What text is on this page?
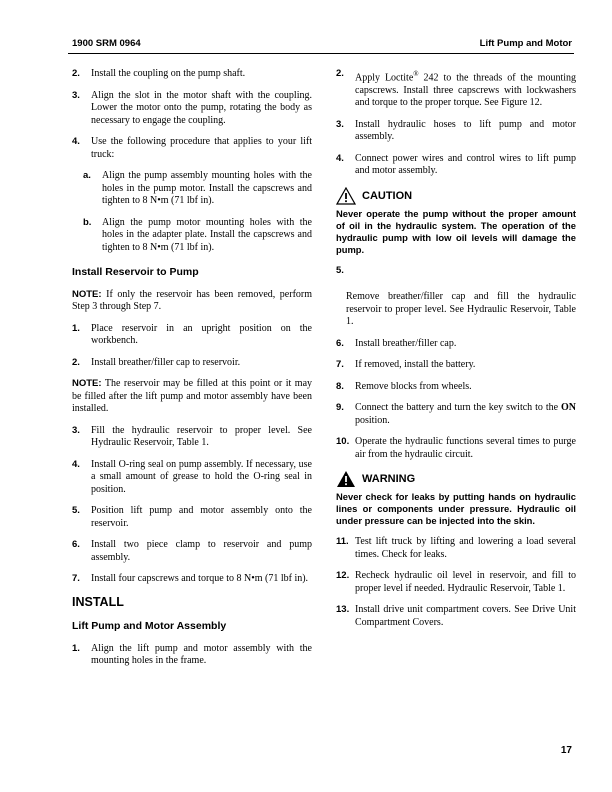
1900 SRM 0964	Lift Pump and Motor
2. Install the coupling on the pump shaft.
3. Align the slot in the motor shaft with the coupling. Lower the motor onto the pump, rotating the body as necessary to engage the coupling.
4. Use the following procedure that applies to your lift truck:
a. Align the pump assembly mounting holes with the holes in the pump motor. Install the capscrews and tighten to 8 N•m (71 lbf in).
b. Align the pump motor mounting holes with the holes in the adapter plate. Install the capscrews and tighten to 8 N•m (71 lbf in).
Install Reservoir to Pump
NOTE: If only the reservoir has been removed, perform Step 3 through Step 7.
1. Place reservoir in an upright position on the workbench.
2. Install breather/filler cap to reservoir.
NOTE: The reservoir may be filled at this point or it may be filled after the lift pump and motor assembly have been installed.
3. Fill the hydraulic reservoir to proper level. See Hydraulic Reservoir, Table 1.
4. Install O-ring seal on pump assembly. If necessary, use a small amount of grease to hold the O-ring seal in position.
5. Position lift pump and motor assembly onto the reservoir.
6. Install two piece clamp to reservoir and pump assembly.
7. Install four capscrews and torque to 8 N•m (71 lbf in).
INSTALL
Lift Pump and Motor Assembly
1. Align the lift pump and motor assembly with the mounting holes in the frame.
2. Apply Loctite® 242 to the threads of the mounting capscrews. Install three capscrews with lockwashers and torque to the proper torque. See Figure 12.
3. Install hydraulic hoses to lift pump and motor assembly.
4. Connect power wires and control wires to lift pump and motor assembly.
CAUTION
Never operate the pump without the proper amount of oil in the hydraulic system. The operation of the hydraulic pump with low oil levels will damage the pump.
5.
Remove breather/filler cap and fill the hydraulic reservoir to proper level. See Hydraulic Reservoir, Table 1.
6. Install breather/filler cap.
7. If removed, install the battery.
8. Remove blocks from wheels.
9. Connect the battery and turn the key switch to the ON position.
10. Operate the hydraulic functions several times to purge air from the hydraulic circuit.
WARNING
Never check for leaks by putting hands on hydraulic lines or components under pressure. Hydraulic oil under pressure can be injected into the skin.
11. Test lift truck by lifting and lowering a load several times. Check for leaks.
12. Recheck hydraulic oil level in reservoir, and fill to proper level if needed. Hydraulic Reservoir, Table 1.
13. Install drive unit compartment covers. See Drive Unit Compartment Covers.
17
